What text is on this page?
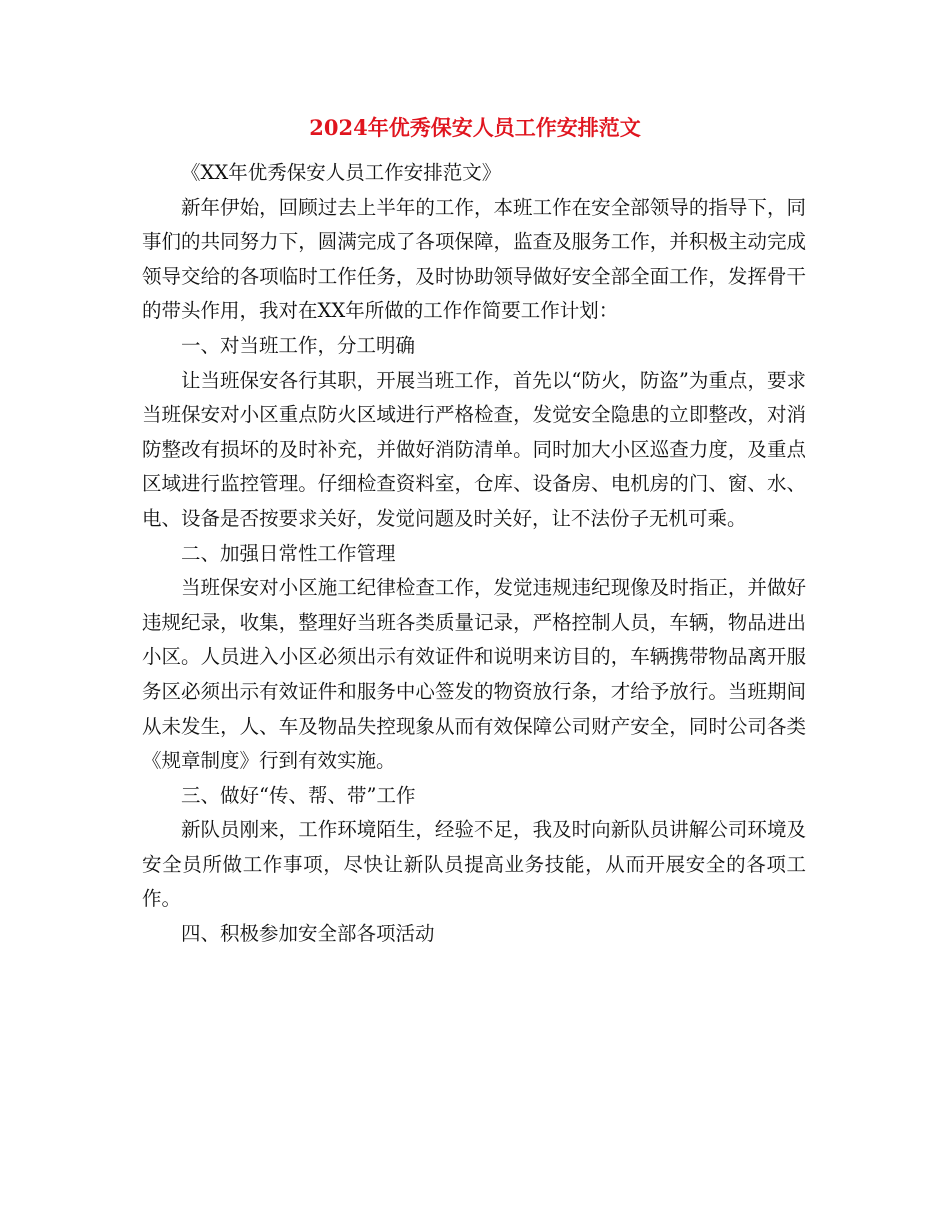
2024年优秀保安人员工作安排范文

《XX年优秀保安人员工作安排范文》

新年伊始，回顾过去上半年的工作，本班工作在安全部领导的指导下，同事们的共同努力下，圆满完成了各项保障，监查及服务工作，并积极主动完成领导交给的各项临时工作任务，及时协助领导做好安全部全面工作，发挥骨干的带头作用，我对在XX年所做的工作作简要工作计划：

一、对当班工作，分工明确

让当班保安各行其职，开展当班工作，首先以“防火，防盗”为重点，要求当班保安对小区重点防火区域进行严格检查，发觉安全隐患的立即整改，对消防整改有损坏的及时补充，并做好消防清单。同时加大小区巡查力度，及重点区域进行监控管理。仔细检查资料室，仓库、设备房、电机房的门、窗、水、电、设备是否按要求关好，发觉问题及时关好，让不法份子无机可乘。

二、加强日常性工作管理

当班保安对小区施工纪律检查工作，发觉违规违纪现像及时指正，并做好违规纪录，收集，整理好当班各类质量记录，严格控制人员，车辆，物品进出小区。人员进入小区必须出示有效证件和说明来访目的，车辆携带物品离开服务区必须出示有效证件和服务中心签发的物资放行条，才给予放行。当班期间从未发生，人、车及物品失控现象从而有效保障公司财产安全，同时公司各类《规章制度》行到有效实施。

三、做好“传、帮、带”工作

新队员刚来，工作环境陌生，经验不足，我及时向新队员讲解公司环境及安全员所做工作事项，尽快让新队员提高业务技能，从而开展安全的各项工作。

四、积极参加安全部各项活动
